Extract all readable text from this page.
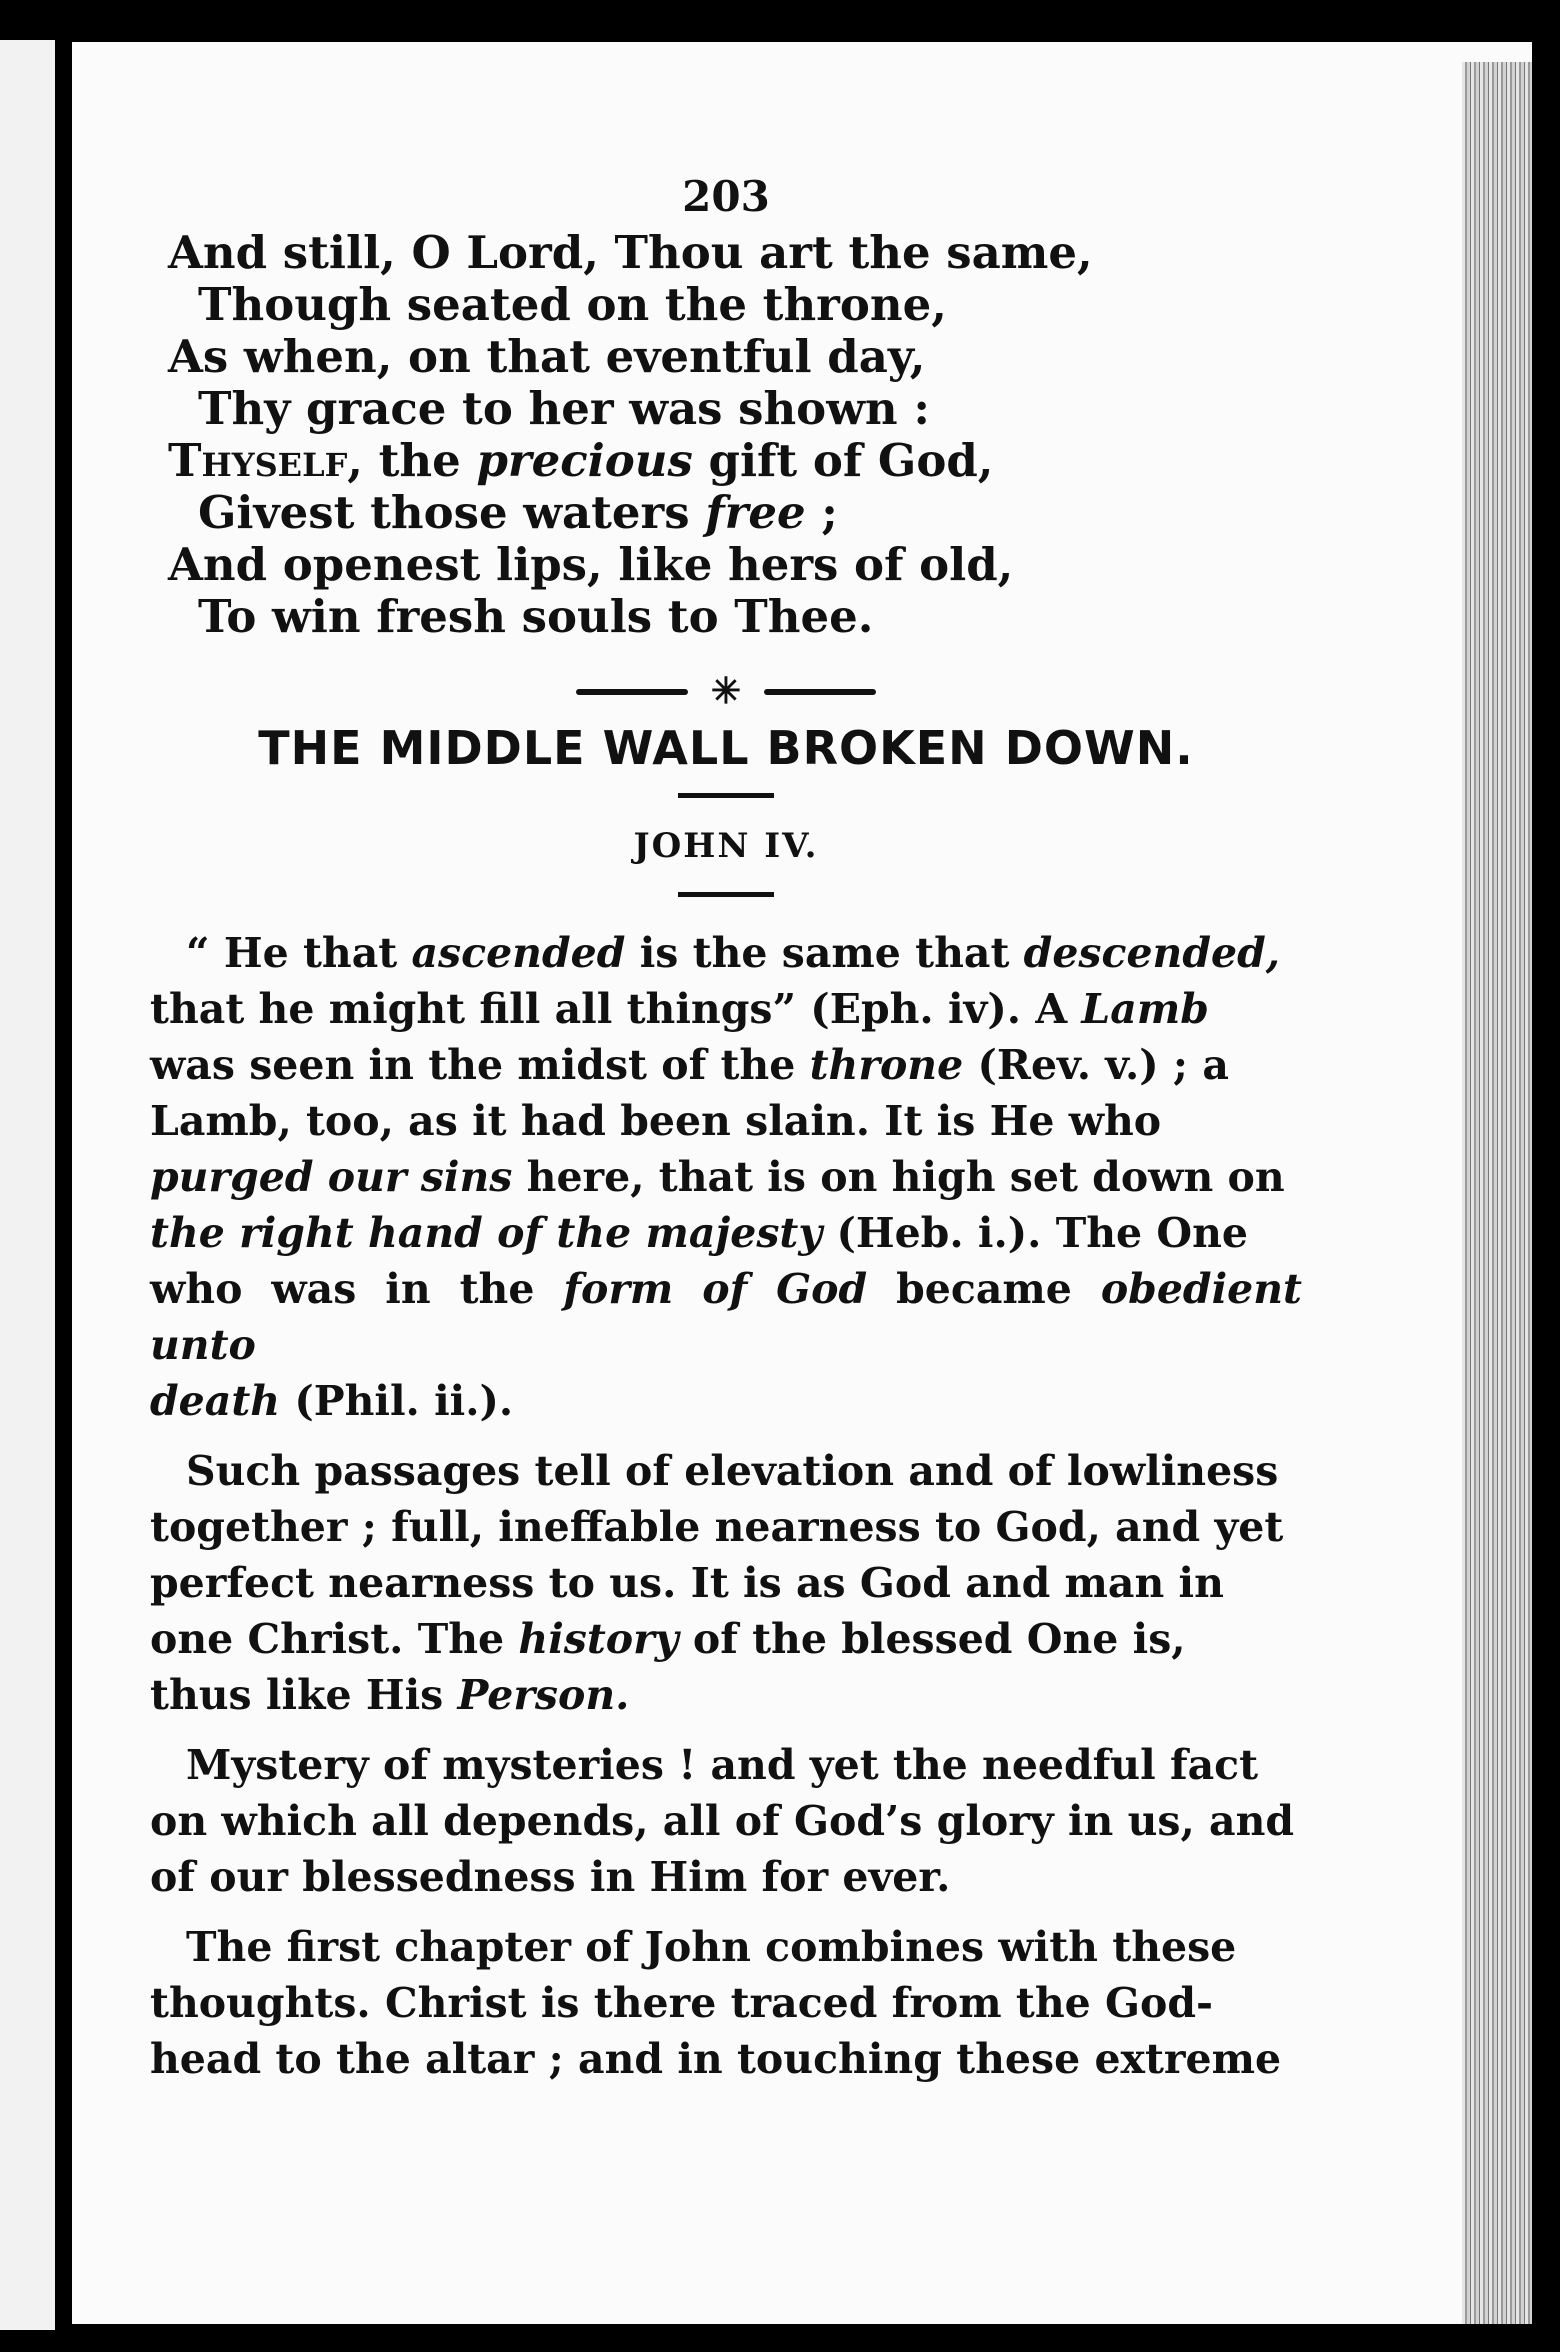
203
And still, O Lord, Thou art the same,
Though seated on the throne,
As when, on that eventful day,
Thy grace to her was shown :
Thyself, the precious gift of God,
Givest those waters free ;
And openest lips, like hers of old,
To win fresh souls to Thee.
✳
THE MIDDLE WALL BROKEN DOWN.
JOHN IV.

“ He that ascended is the same that descended,
that he might fill all things” (Eph. iv). A Lamb
was seen in the midst of the throne (Rev. v.) ; a
Lamb, too, as it had been slain. It is He who
purged our sins here, that is on high set down on
the right hand of the majesty (Heb. i.). The One
who was in the form of God became obedient unto
death (Phil. ii.).

Such passages tell of elevation and of lowliness
together ; full, ineffable nearness to God, and yet
perfect nearness to us. It is as God and man in
one Christ. The history of the blessed One is,
thus like His Person.

Mystery of mysteries ! and yet the needful fact
on which all depends, all of God’s glory in us, and
of our blessedness in Him for ever.

The first chapter of John combines with these
thoughts. Christ is there traced from the God-
head to the altar ; and in touching these extreme
